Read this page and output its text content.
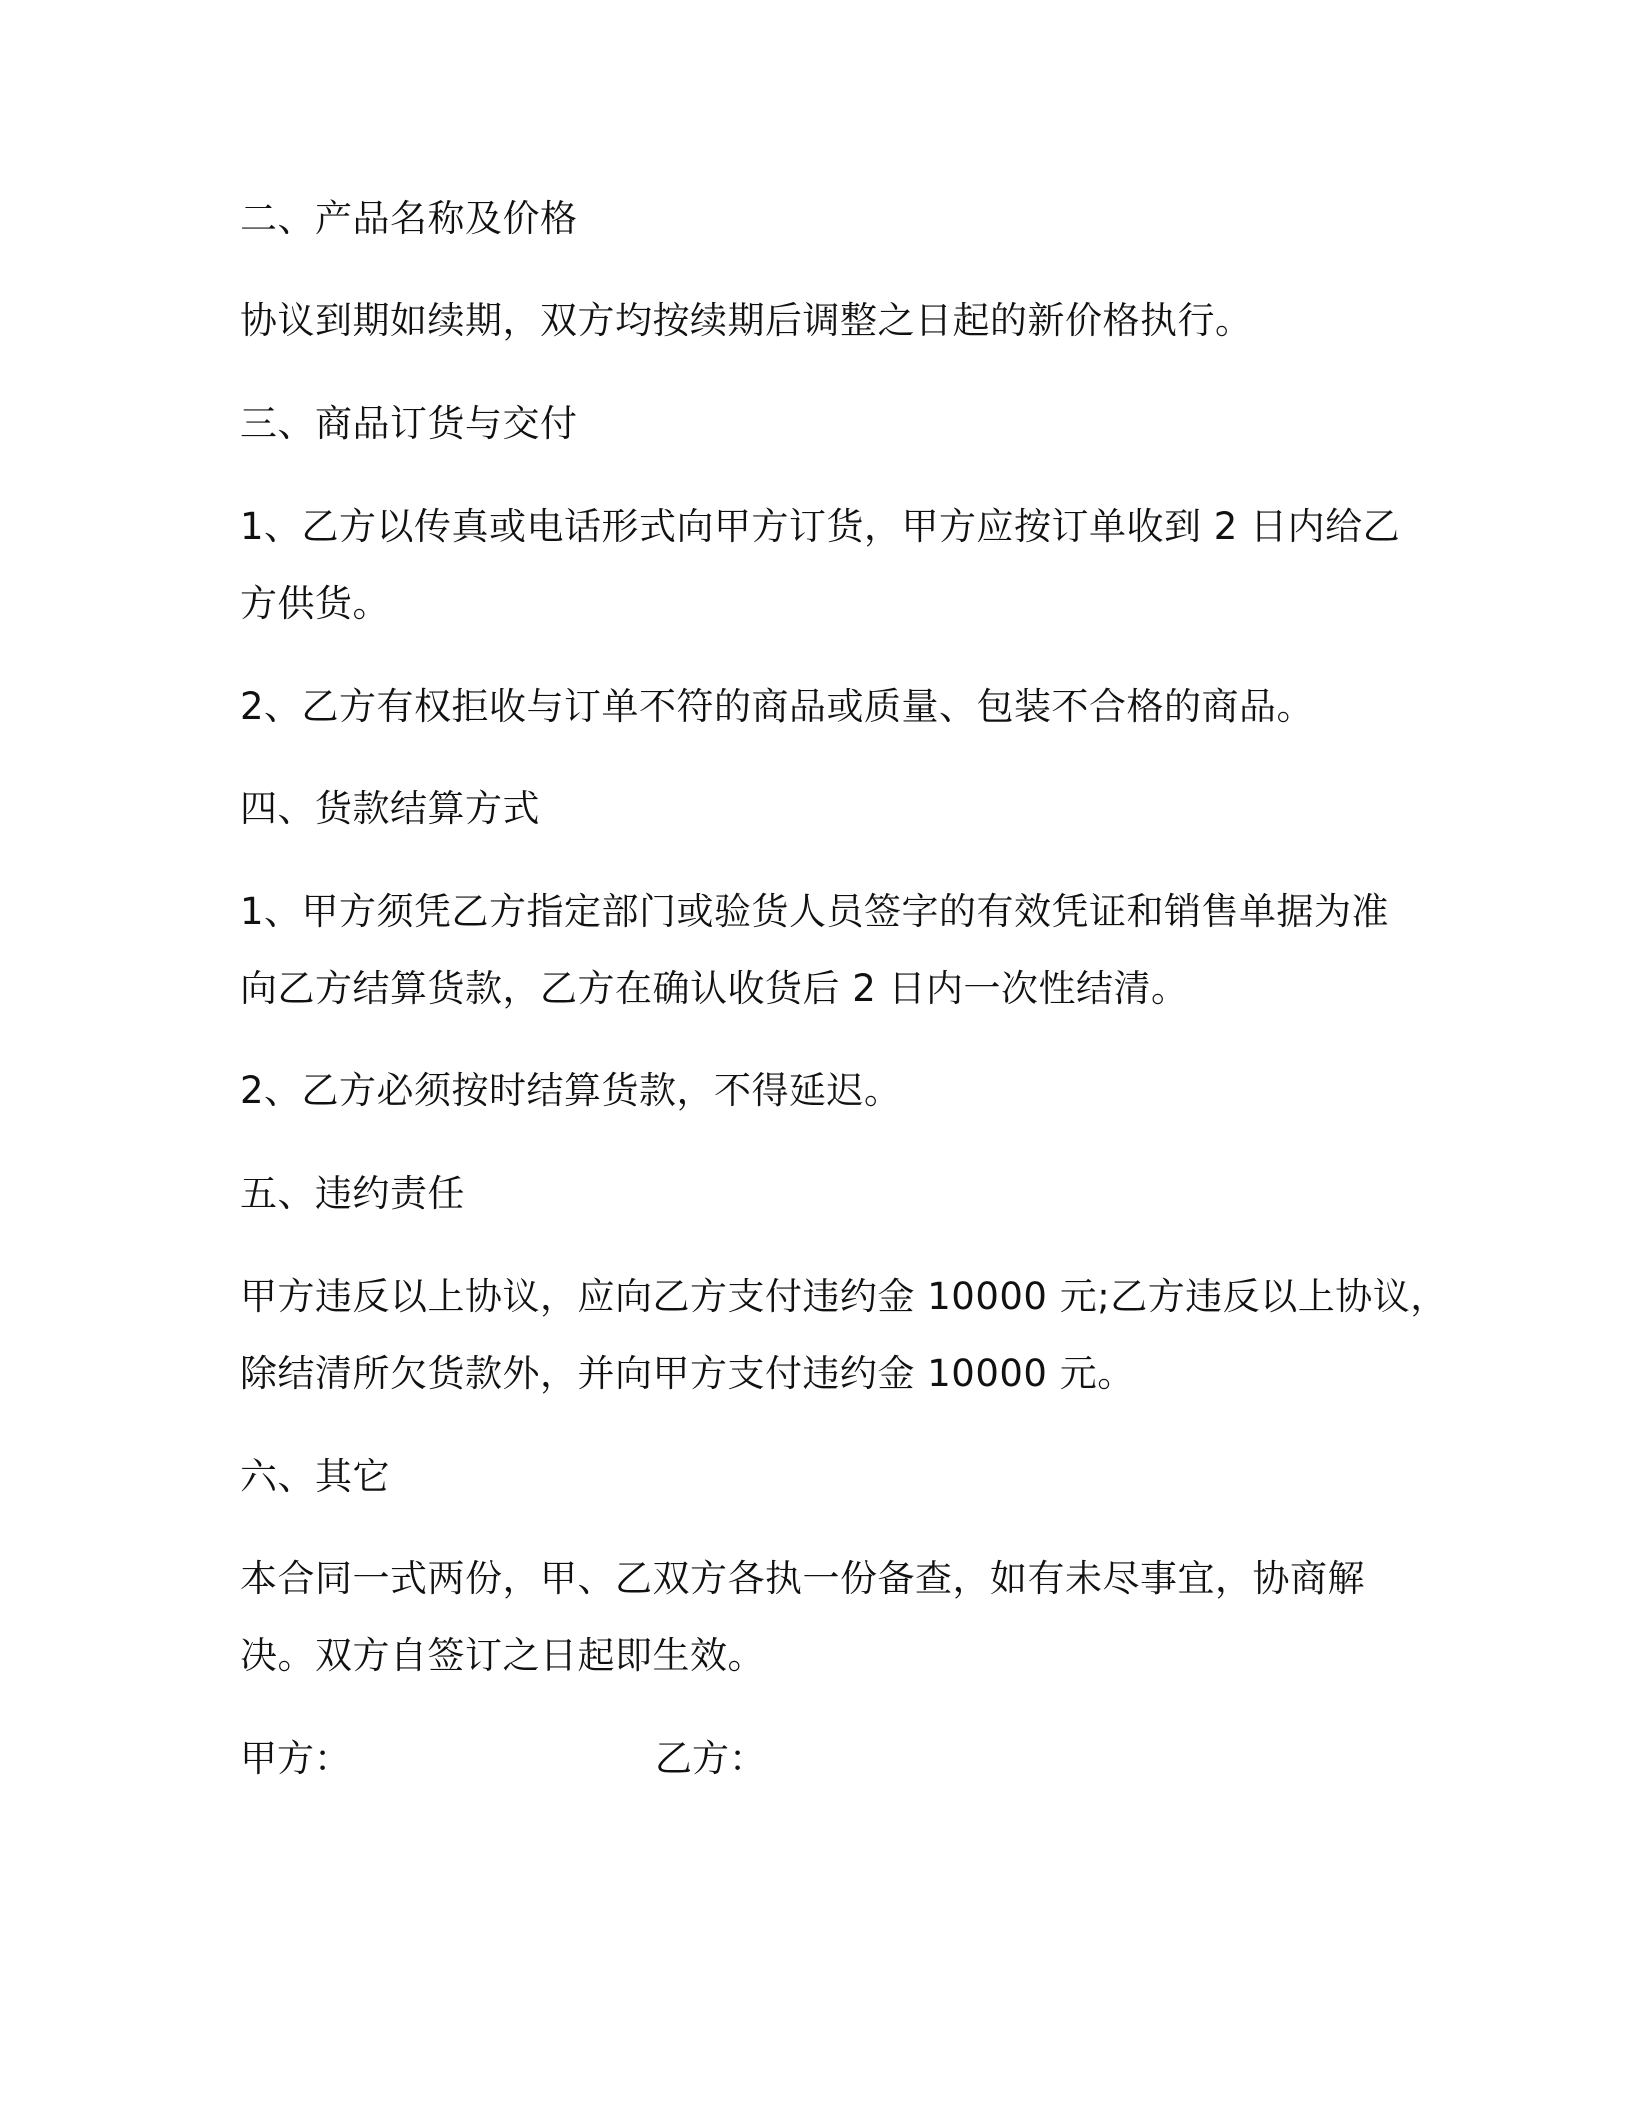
二、产品名称及价格
协议到期如续期，双方均按续期后调整之日起的新价格执行。
三、商品订货与交付
1、乙方以传真或电话形式向甲方订货，甲方应按订单收到 2 日内给乙
方供货。
2、乙方有权拒收与订单不符的商品或质量、包装不合格的商品。
四、货款结算方式
1、甲方须凭乙方指定部门或验货人员签字的有效凭证和销售单据为准
向乙方结算货款，乙方在确认收货后 2 日内一次性结清。
2、乙方必须按时结算货款，不得延迟。
五、违约责任
甲方违反以上协议，应向乙方支付违约金 10000 元;乙方违反以上协议，
除结清所欠货款外，并向甲方支付违约金 10000 元。
六、其它
本合同一式两份，甲、乙双方各执一份备查，如有未尽事宜，协商解
决。双方自签订之日起即生效。
甲方：	乙方：
